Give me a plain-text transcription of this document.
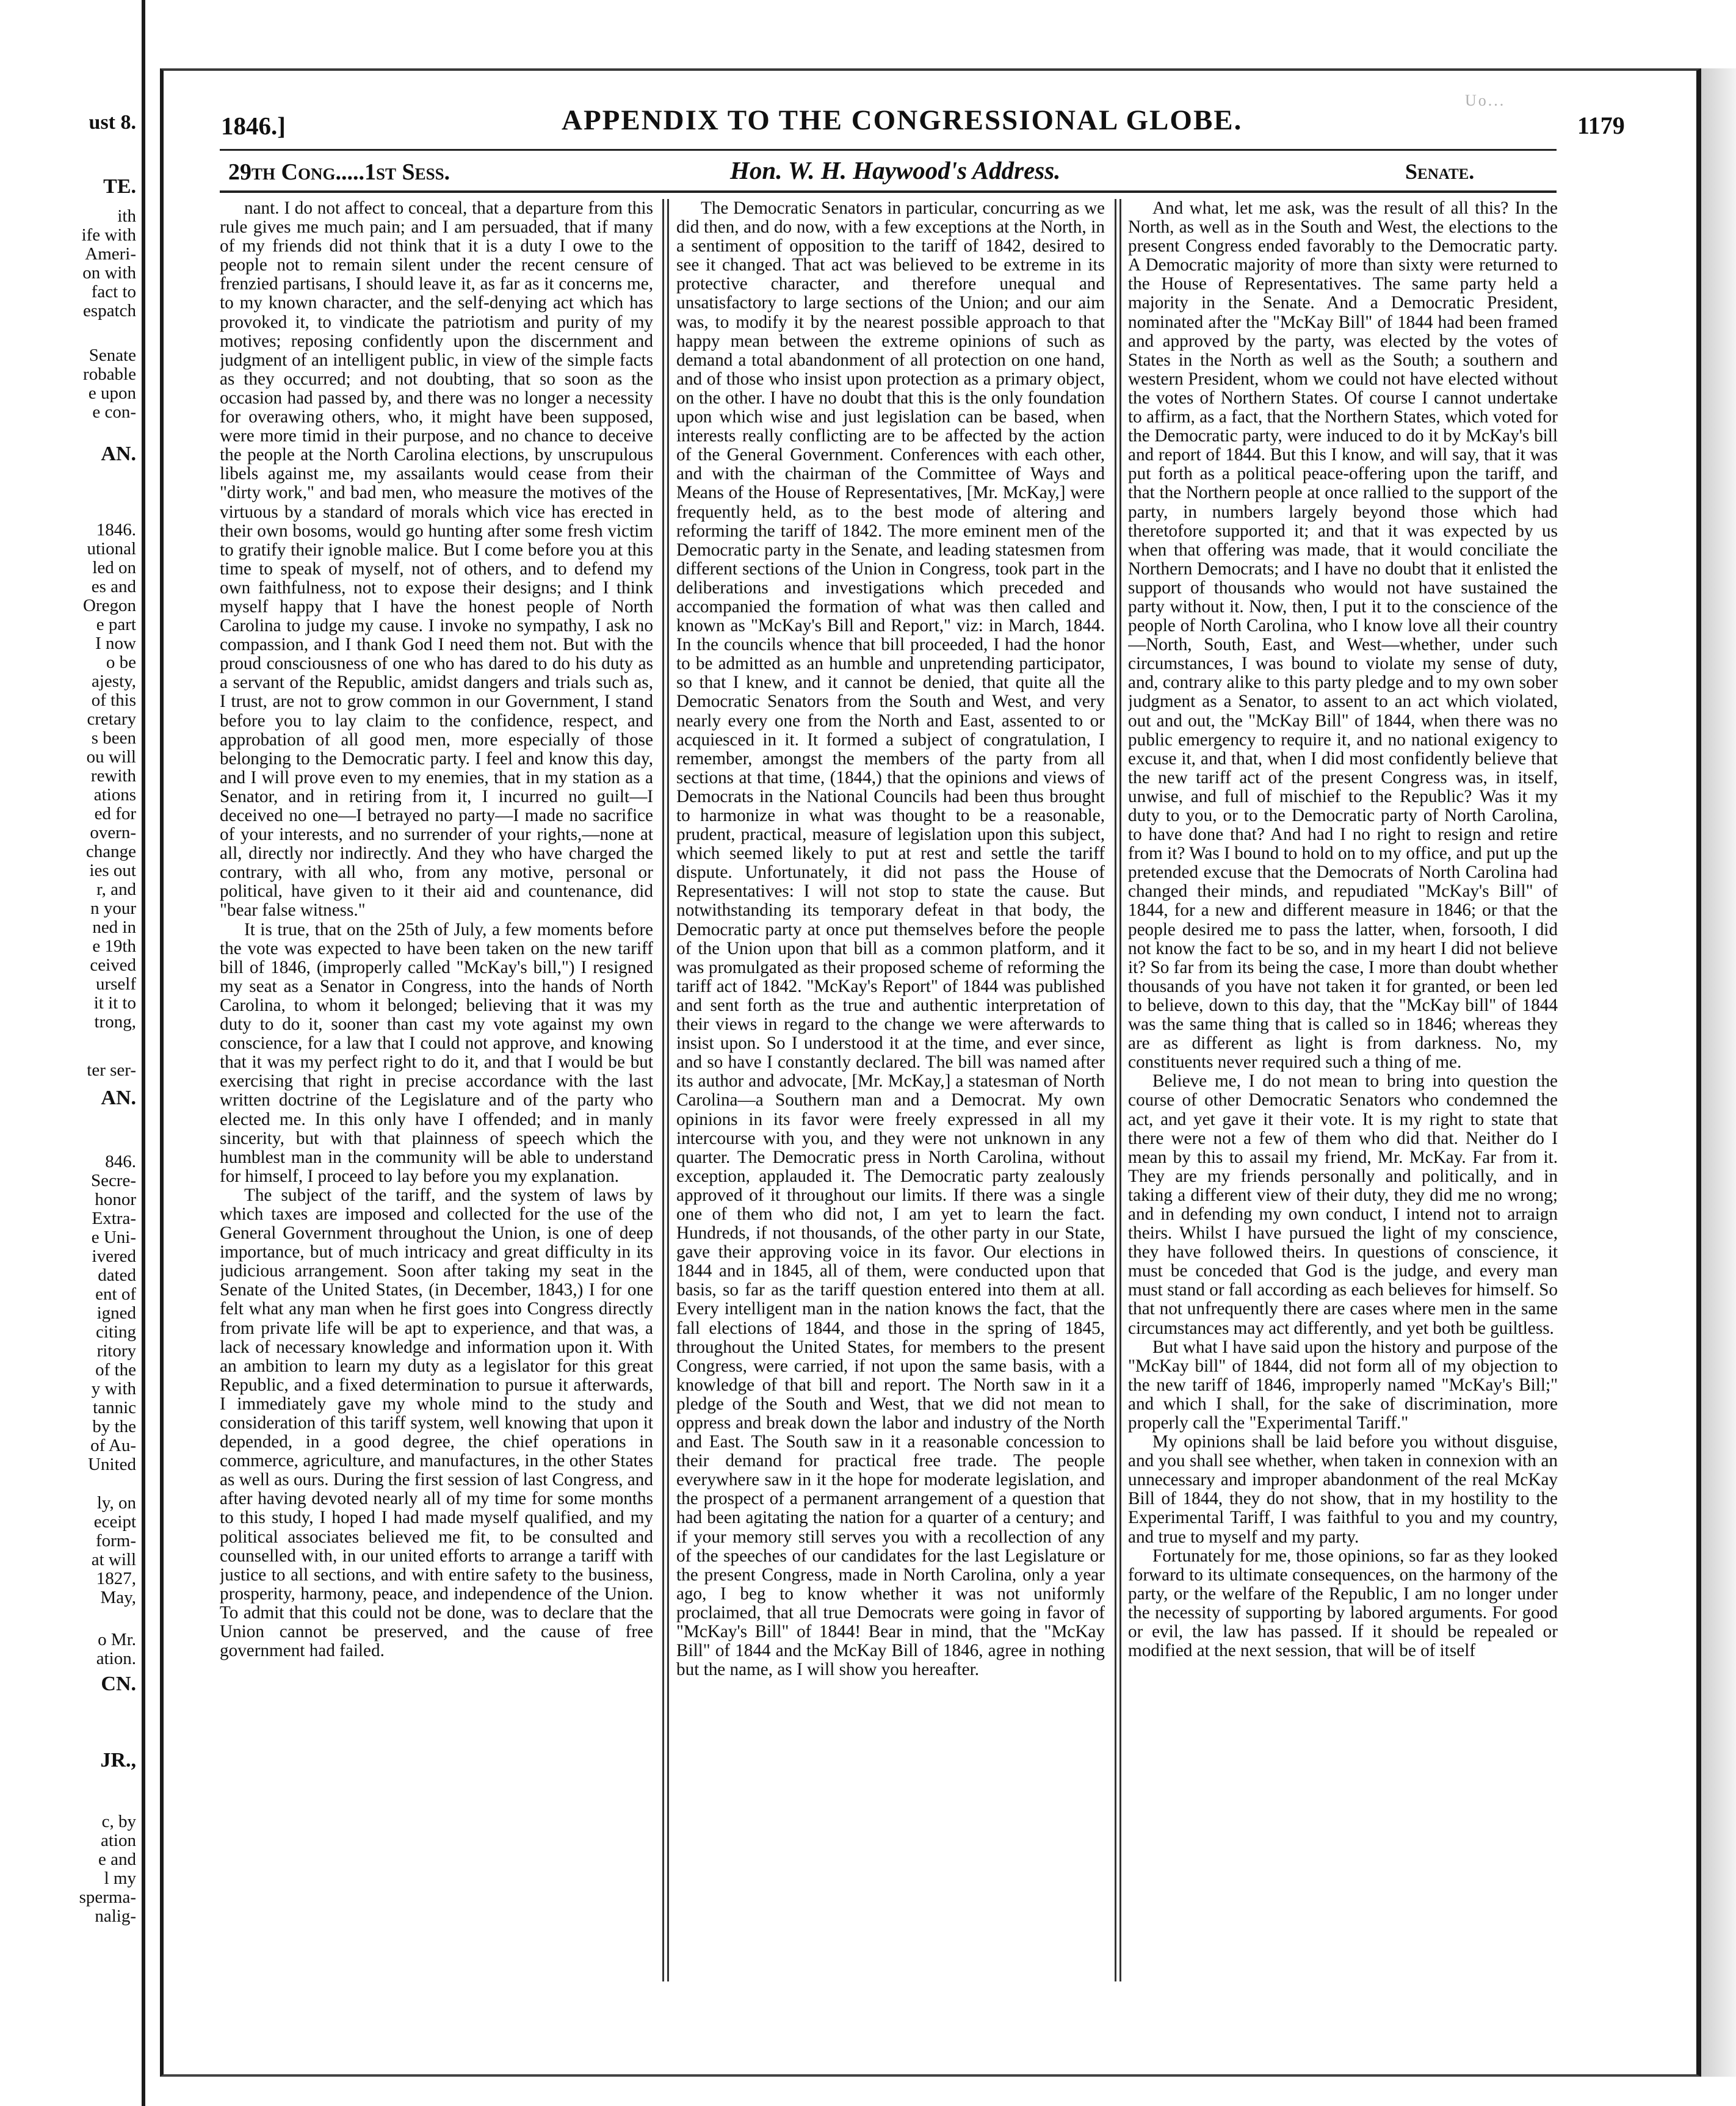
ust 8.
TE.
ith
ife with
Ameri-
on with
fact to
espatch
Senate
robable
e upon
e con-
AN.
1846.
utional
led on
es and
Oregon
e part
I now
o be
ajesty,
of this
cretary
s been
ou will
rewith
ations
ed for
overn-
change
ies out
r, and
n your
ned in
e 19th
ceived
urself
it it to
trong,
ter ser-
AN.
846.
Secre-
honor
Extra-
e Uni-
ivered
dated
ent of
igned
citing
ritory
of the
y with
tannic
by the
of Au-
United
ly, on
eceipt
form-
at will
1827,
May,
o Mr.
ation.
CN.
JR.,
c, by
ation
e and
l my
sperma-
nalig-
Uo...
1846.]	APPENDIX TO THE CONGRESSIONAL GLOBE.	1179
29th Cong.....1st Sess.	Hon. W. H. Haywood's Address.	Senate.

nant. I do not affect to conceal, that a departure from this rule gives me much pain; and I am persuaded, that if many of my friends did not think that it is a duty I owe to the people not to remain silent under the recent censure of frenzied partisans, I should leave it, as far as it concerns me, to my known character, and the self-denying act which has provoked it, to vindicate the patriotism and purity of my motives; reposing confidently upon the discernment and judgment of an intelligent public, in view of the simple facts as they occurred; and not doubting, that so soon as the occasion had passed by, and there was no longer a necessity for overawing others, who, it might have been supposed, were more timid in their purpose, and no chance to deceive the people at the North Carolina elections, by unscrupulous libels against me, my assailants would cease from their "dirty work," and bad men, who measure the motives of the virtuous by a standard of morals which vice has erected in their own bosoms, would go hunting after some fresh victim to gratify their ignoble malice. But I come before you at this time to speak of myself, not of others, and to defend my own faithfulness, not to expose their designs; and I think myself happy that I have the honest people of North Carolina to judge my cause. I invoke no sympathy, I ask no compassion, and I thank God I need them not. But with the proud consciousness of one who has dared to do his duty as a servant of the Republic, amidst dangers and trials such as, I trust, are not to grow common in our Government, I stand before you to lay claim to the confidence, respect, and approbation of all good men, more especially of those belonging to the Democratic party. I feel and know this day, and I will prove even to my enemies, that in my station as a Senator, and in retiring from it, I incurred no guilt—I deceived no one—I betrayed no party—I made no sacrifice of your interests, and no surrender of your rights,—none at all, directly nor indirectly. And they who have charged the contrary, with all who, from any motive, personal or political, have given to it their aid and countenance, did "bear false witness."

It is true, that on the 25th of July, a few moments before the vote was expected to have been taken on the new tariff bill of 1846, (improperly called "McKay's bill,") I resigned my seat as a Senator in Congress, into the hands of North Carolina, to whom it belonged; believing that it was my duty to do it, sooner than cast my vote against my own conscience, for a law that I could not approve, and knowing that it was my perfect right to do it, and that I would be but exercising that right in precise accordance with the last written doctrine of the Legislature and of the party who elected me. In this only have I offended; and in manly sincerity, but with that plainness of speech which the humblest man in the community will be able to understand for himself, I proceed to lay before you my explanation.

The subject of the tariff, and the system of laws by which taxes are imposed and collected for the use of the General Government throughout the Union, is one of deep importance, but of much intricacy and great difficulty in its judicious arrangement. Soon after taking my seat in the Senate of the United States, (in December, 1843,) I for one felt what any man when he first goes into Congress directly from private life will be apt to experience, and that was, a lack of necessary knowledge and information upon it. With an ambition to learn my duty as a legislator for this great Republic, and a fixed determination to pursue it afterwards, I immediately gave my whole mind to the study and consideration of this tariff system, well knowing that upon it depended, in a good degree, the chief operations in commerce, agriculture, and manufactures, in the other States as well as ours. During the first session of last Congress, and after having devoted nearly all of my time for some months to this study, I hoped I had made myself qualified, and my political associates believed me fit, to be consulted and counselled with, in our united efforts to arrange a tariff with justice to all sections, and with entire safety to the business, prosperity, harmony, peace, and independence of the Union. To admit that this could not be done, was to declare that the Union cannot be preserved, and the cause of free government had failed.

The Democratic Senators in particular, concurring as we did then, and do now, with a few exceptions at the North, in a sentiment of opposition to the tariff of 1842, desired to see it changed. That act was believed to be extreme in its protective character, and therefore unequal and unsatisfactory to large sections of the Union; and our aim was, to modify it by the nearest possible approach to that happy mean between the extreme opinions of such as demand a total abandonment of all protection on one hand, and of those who insist upon protection as a primary object, on the other. I have no doubt that this is the only foundation upon which wise and just legislation can be based, when interests really conflicting are to be affected by the action of the General Government. Conferences with each other, and with the chairman of the Committee of Ways and Means of the House of Representatives, [Mr. McKay,] were frequently held, as to the best mode of altering and reforming the tariff of 1842. The more eminent men of the Democratic party in the Senate, and leading statesmen from different sections of the Union in Congress, took part in the deliberations and investigations which preceded and accompanied the formation of what was then called and known as "McKay's Bill and Report," viz: in March, 1844. In the councils whence that bill proceeded, I had the honor to be admitted as an humble and unpretending participator, so that I knew, and it cannot be denied, that quite all the Democratic Senators from the South and West, and very nearly every one from the North and East, assented to or acquiesced in it. It formed a subject of congratulation, I remember, amongst the members of the party from all sections at that time, (1844,) that the opinions and views of Democrats in the National Councils had been thus brought to harmonize in what was thought to be a reasonable, prudent, practical, measure of legislation upon this subject, which seemed likely to put at rest and settle the tariff dispute. Unfortunately, it did not pass the House of Representatives: I will not stop to state the cause. But notwithstanding its temporary defeat in that body, the Democratic party at once put themselves before the people of the Union upon that bill as a common platform, and it was promulgated as their proposed scheme of reforming the tariff act of 1842. "McKay's Report" of 1844 was published and sent forth as the true and authentic interpretation of their views in regard to the change we were afterwards to insist upon. So I understood it at the time, and ever since, and so have I constantly declared. The bill was named after its author and advocate, [Mr. McKay,] a statesman of North Carolina—a Southern man and a Democrat. My own opinions in its favor were freely expressed in all my intercourse with you, and they were not unknown in any quarter. The Democratic press in North Carolina, without exception, applauded it. The Democratic party zealously approved of it throughout our limits. If there was a single one of them who did not, I am yet to learn the fact. Hundreds, if not thousands, of the other party in our State, gave their approving voice in its favor. Our elections in 1844 and in 1845, all of them, were conducted upon that basis, so far as the tariff question entered into them at all. Every intelligent man in the nation knows the fact, that the fall elections of 1844, and those in the spring of 1845, throughout the United States, for members to the present Congress, were carried, if not upon the same basis, with a knowledge of that bill and report. The North saw in it a pledge of the South and West, that we did not mean to oppress and break down the labor and industry of the North and East. The South saw in it a reasonable concession to their demand for practical free trade. The people everywhere saw in it the hope for moderate legislation, and the prospect of a permanent arrangement of a question that had been agitating the nation for a quarter of a century; and if your memory still serves you with a recollection of any of the speeches of our candidates for the last Legislature or the present Congress, made in North Carolina, only a year ago, I beg to know whether it was not uniformly proclaimed, that all true Democrats were going in favor of "McKay's Bill" of 1844! Bear in mind, that the "McKay Bill" of 1844 and the McKay Bill of 1846, agree in nothing but the name, as I will show you hereafter.

And what, let me ask, was the result of all this? In the North, as well as in the South and West, the elections to the present Congress ended favorably to the Democratic party. A Democratic majority of more than sixty were returned to the House of Representatives. The same party held a majority in the Senate. And a Democratic President, nominated after the "McKay Bill" of 1844 had been framed and approved by the party, was elected by the votes of States in the North as well as the South; a southern and western President, whom we could not have elected without the votes of Northern States. Of course I cannot undertake to affirm, as a fact, that the Northern States, which voted for the Democratic party, were induced to do it by McKay's bill and report of 1844. But this I know, and will say, that it was put forth as a political peace-offering upon the tariff, and that the Northern people at once rallied to the support of the party, in numbers largely beyond those which had theretofore supported it; and that it was expected by us when that offering was made, that it would conciliate the Northern Democrats; and I have no doubt that it enlisted the support of thousands who would not have sustained the party without it. Now, then, I put it to the conscience of the people of North Carolina, who I know love all their country—North, South, East, and West—whether, under such circumstances, I was bound to violate my sense of duty, and, contrary alike to this party pledge and to my own sober judgment as a Senator, to assent to an act which violated, out and out, the "McKay Bill" of 1844, when there was no public emergency to require it, and no national exigency to excuse it, and that, when I did most confidently believe that the new tariff act of the present Congress was, in itself, unwise, and full of mischief to the Republic? Was it my duty to you, or to the Democratic party of North Carolina, to have done that? And had I no right to resign and retire from it? Was I bound to hold on to my office, and put up the pretended excuse that the Democrats of North Carolina had changed their minds, and repudiated "McKay's Bill" of 1844, for a new and different measure in 1846; or that the people desired me to pass the latter, when, forsooth, I did not know the fact to be so, and in my heart I did not believe it? So far from its being the case, I more than doubt whether thousands of you have not taken it for granted, or been led to believe, down to this day, that the "McKay bill" of 1844 was the same thing that is called so in 1846; whereas they are as different as light is from darkness. No, my constituents never required such a thing of me.

Believe me, I do not mean to bring into question the course of other Democratic Senators who condemned the act, and yet gave it their vote. It is my right to state that there were not a few of them who did that. Neither do I mean by this to assail my friend, Mr. McKay. Far from it. They are my friends personally and politically, and in taking a different view of their duty, they did me no wrong; and in defending my own conduct, I intend not to arraign theirs. Whilst I have pursued the light of my conscience, they have followed theirs. In questions of conscience, it must be conceded that God is the judge, and every man must stand or fall according as each believes for himself. So that not unfrequently there are cases where men in the same circumstances may act differently, and yet both be guiltless.

But what I have said upon the history and purpose of the "McKay bill" of 1844, did not form all of my objection to the new tariff of 1846, improperly named "McKay's Bill;" and which I shall, for the sake of discrimination, more properly call the "Experimental Tariff."

My opinions shall be laid before you without disguise, and you shall see whether, when taken in connexion with an unnecessary and improper abandonment of the real McKay Bill of 1844, they do not show, that in my hostility to the Experimental Tariff, I was faithful to you and my country, and true to myself and my party.

Fortunately for me, those opinions, so far as they looked forward to its ultimate consequences, on the harmony of the party, or the welfare of the Republic, I am no longer under the necessity of supporting by labored arguments. For good or evil, the law has passed. If it should be repealed or modified at the next session, that will be of itself
